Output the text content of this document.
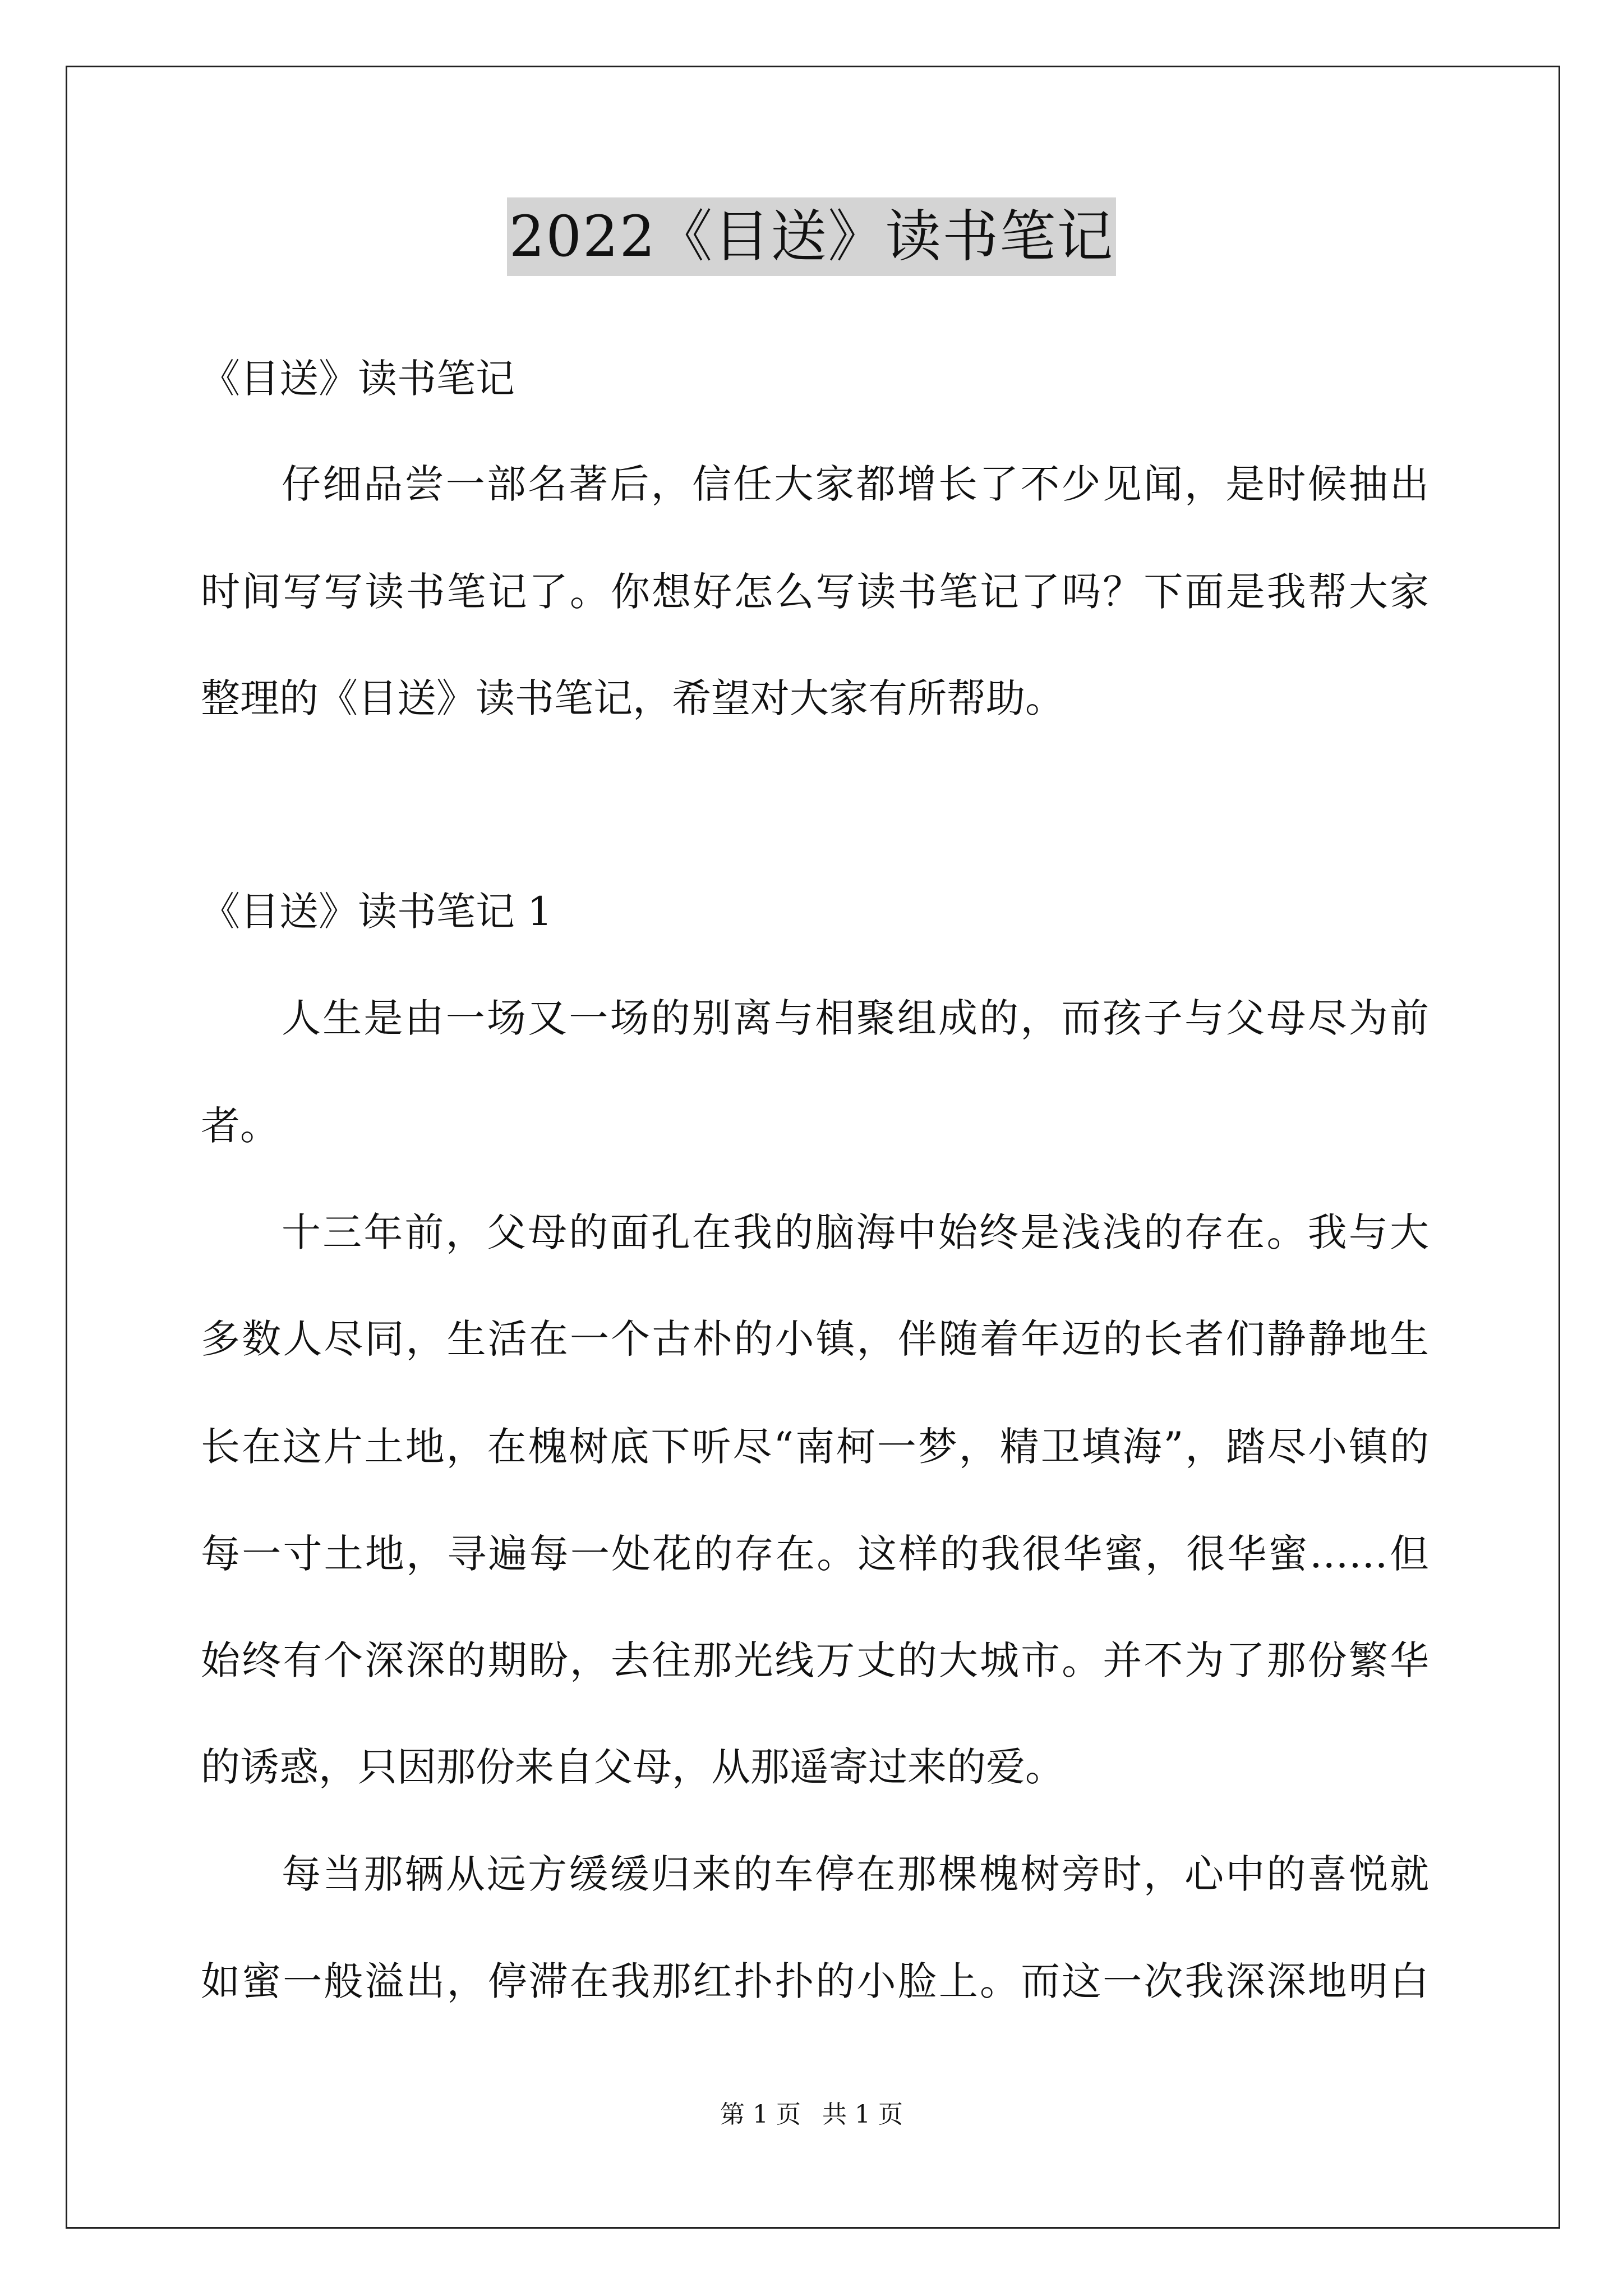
2022《目送》读书笔记
《目送》读书笔记
仔细品尝一部名著后，信任大家都增长了不少见闻，是时候抽出
时间写写读书笔记了。你想好怎么写读书笔记了吗？下面是我帮大家
整理的《目送》读书笔记，希望对大家有所帮助。
《目送》读书笔记 1
人生是由一场又一场的别离与相聚组成的，而孩子与父母尽为前
者。
十三年前，父母的面孔在我的脑海中始终是浅浅的存在。我与大
多数人尽同，生活在一个古朴的小镇，伴随着年迈的长者们静静地生
长在这片土地，在槐树底下听尽“南柯一梦，精卫填海”，踏尽小镇的
每一寸土地，寻遍每一处花的存在。这样的我很华蜜，很华蜜……但
始终有个深深的期盼，去往那光线万丈的大城市。并不为了那份繁华
的诱惑，只因那份来自父母，从那遥寄过来的爱。
每当那辆从远方缓缓归来的车停在那棵槐树旁时，心中的喜悦就
如蜜一般溢出，停滞在我那红扑扑的小脸上。而这一次我深深地明白
第 1 页 共 1 页
